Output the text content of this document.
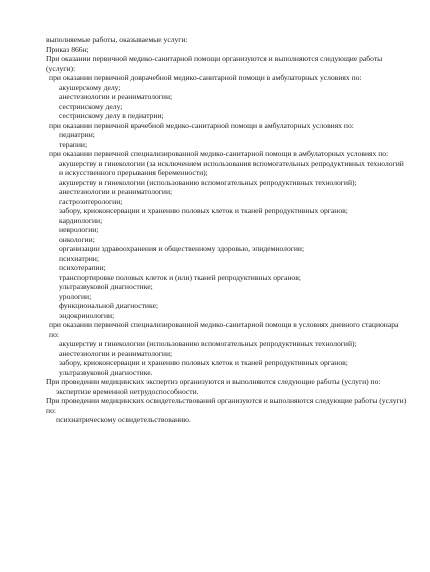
выполняемые работы, оказываемые услуги:
Приказ 866н;
При оказании первичной медико-санитарной помощи организуются и выполняются следующие работы (услуги):
при оказании первичной доврачебной медико-санитарной помощи в амбулаторных условиях по:
акушерскому делу;
анестезиологии и реаниматологии;
сестринскому делу;
сестринскому делу в педиатрии;
при оказании первичной врачебной медико-санитарной помощи в амбулаторных условиях по:
педиатрии;
терапии;
при оказании первичной специализированной медико-санитарной помощи в амбулаторных условиях по:
акушерству и гинекологии (за исключением использования вспомогательных репродуктивных технологий и искусственного прерывания беременности);
акушерству и гинекологии (использованию вспомогательных репродуктивных технологий);
анестезиологии и реаниматологии;
гастроэнтерологии;
забору, криоконсервации и хранению половых клеток и тканей репродуктивных органов;
кардиологии;
неврологии;
онкологии;
организации здравоохранения и общественному здоровью, эпидемиологии;
психиатрии;
психотерапии;
транспортировке половых клеток и (или) тканей репродуктивных органов;
ультразвуковой диагностике;
урологии;
функциональной диагностике;
эндокринологии;
при оказании первичной специализированной медико-санитарной помощи в условиях дневного стационара по:
акушерству и гинекологии (использованию вспомогательных репродуктивных технологий);
анестезиологии и реаниматологии;
забору, криоконсервации и хранению половых клеток и тканей репродуктивных органов;
ультразвуковой диагностике.
При проведении медицинских экспертиз организуются и выполняются следующие работы (услуги) по:
экспертизе временной нетрудоспособности.
При проведении медицинских освидетельствований организуются и выполняются следующие работы (услуги) по:
психиатрическому освидетельствованию.
